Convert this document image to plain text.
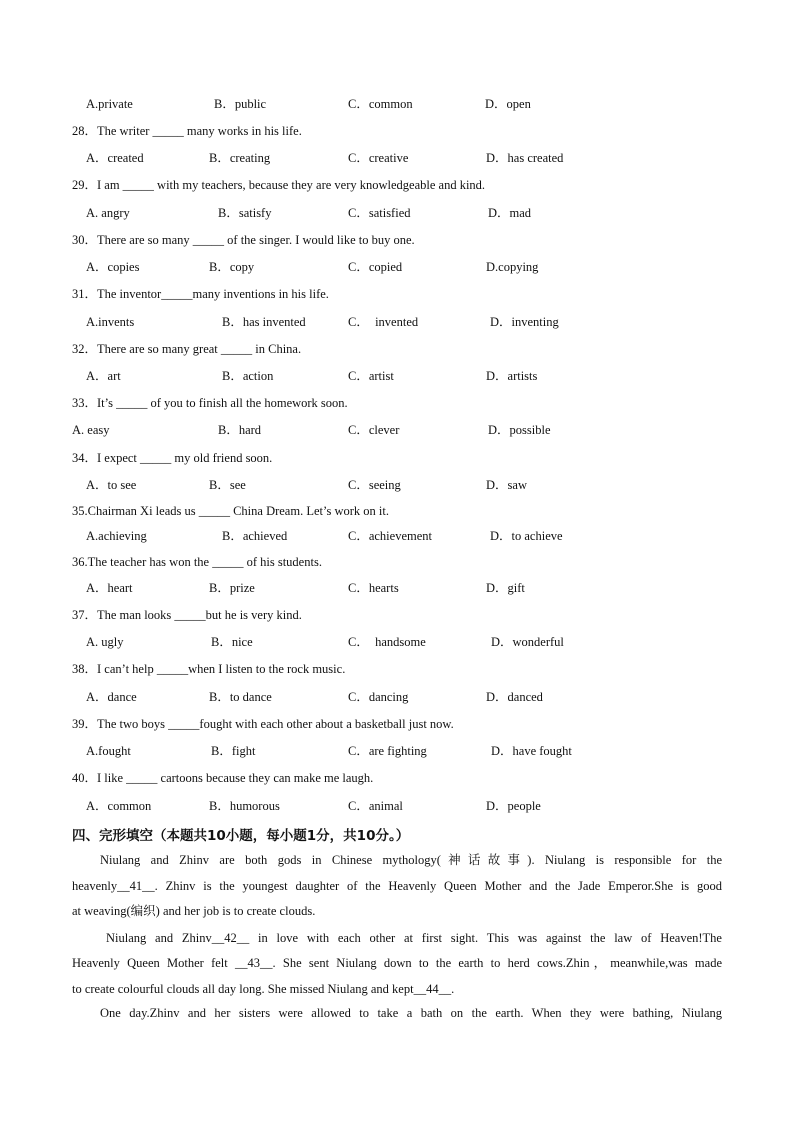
A.private	B．public	C．common	D．open
28．The writer _____ many works in his life.
A．created	B．creating	C．creative	D．has created
29．I am _____ with my teachers, because they are very knowledgeable and kind.
A. angry	B．satisfy	C．satisfied	D．mad
30．There are so many _____ of the singer. I would like to buy one.
A．copies	B．copy	C．copied	D.copying
31．The inventor_____many inventions in his life.
A.invents	B．has invented	C．  invented	D．inventing
32．There are so many great _____ in China.
A．art	B．action	C．artist	D．artists
33．It’s _____ of you to finish all the homework soon.
A. easy	B．hard	C．clever	D．possible
34．I expect _____ my old friend soon.
A．to see	B．see	C．seeing	D．saw
35.Chairman Xi leads us _____ China Dream. Let’s work on it.
A.achieving	B．achieved	C．achievement	D．to achieve
36.The teacher has won the _____ of his students.
A．heart	B．prize	C．hearts	D．gift
37．The man looks _____but he is very kind.
A. ugly	B．nice	C．  handsome	D．wonderful
38．I can’t help _____when I listen to the rock music.
A．dance	B．to dance	C．dancing	D．danced
39．The two boys _____fought with each other about a basketball just now.
A.fought	B．fight	C．are fighting	D．have fought
40．I like _____ cartoons because they can make me laugh.
A．common	B．humorous	C．animal	D．people
四、完形填空（本题共10小题，每小题1分，共10分。）
Niulang and Zhinv are both gods in Chinese mythology(神话故事). Niulang is responsible for the
heavenly__41__. Zhinv is the youngest daughter of the Heavenly Queen Mother and the Jade Emperor.She is good
at weaving(编织) and her job is to create clouds.
Niulang and Zhinv__42__ in love with each other at first sight. This was against the law of Heaven!The
Heavenly Queen Mother felt __43__. She sent Niulang down to the earth to herd cows.Zhin，meanwhile,was made
to create colourful clouds all day long. She missed Niulang and kept__44__.
One day.Zhinv and her sisters were allowed to take a bath on the earth. When they were bathing, Niulang
